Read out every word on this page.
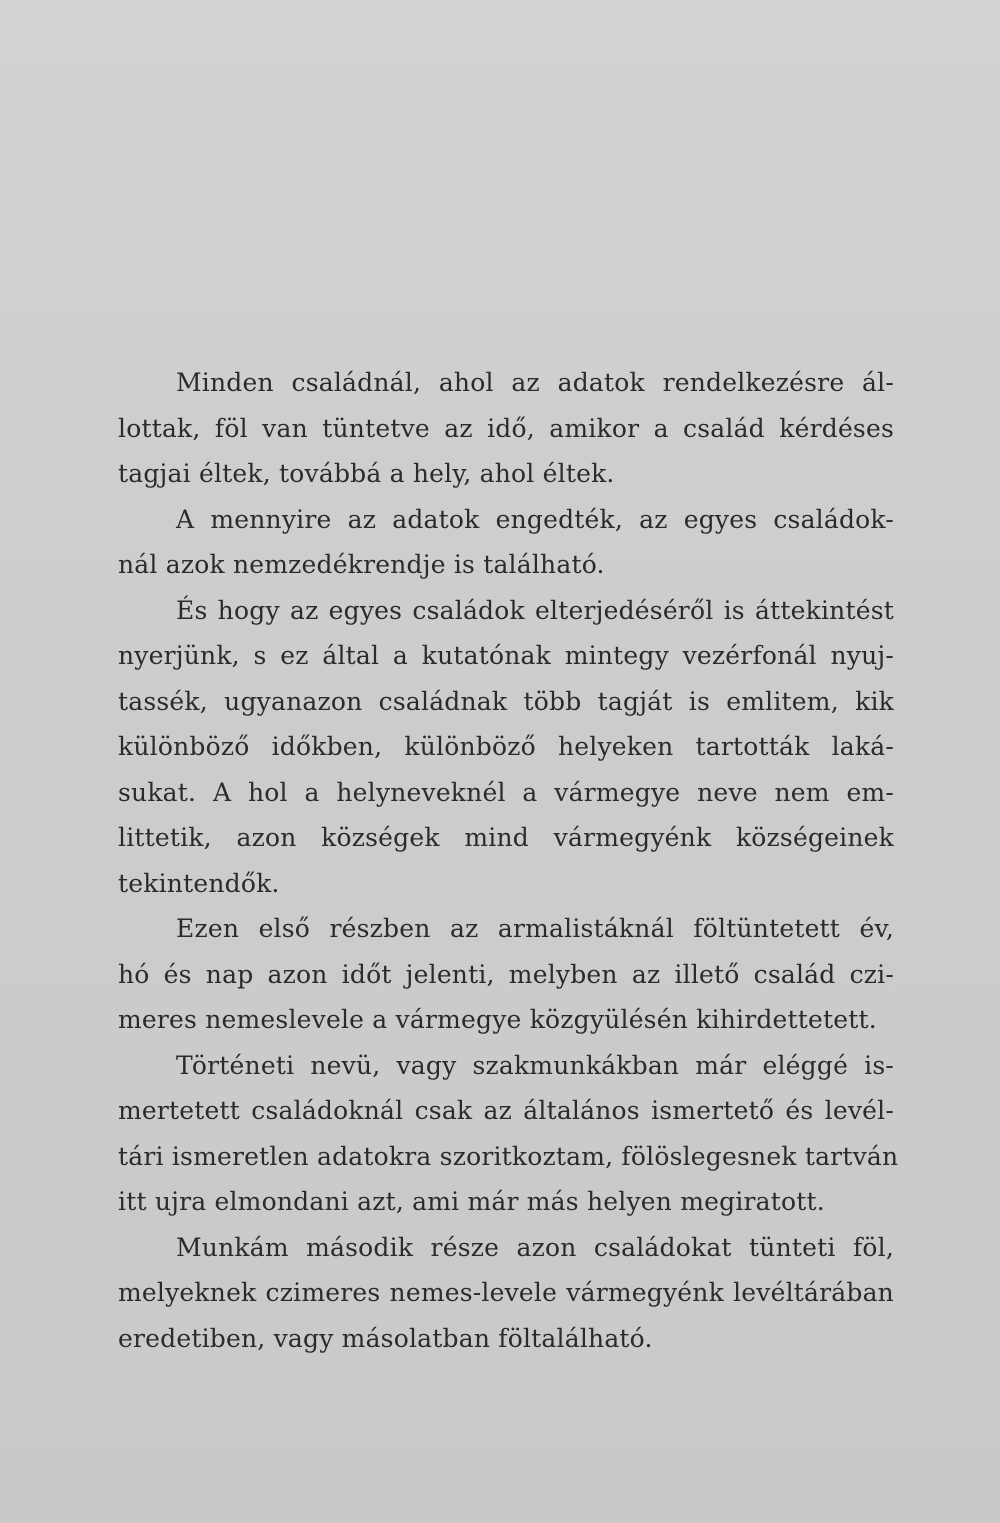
Minden családnál, ahol az adatok rendelkezésre ál-
lottak, föl van tüntetve az idő, amikor a család kérdéses
tagjai éltek, továbbá a hely, ahol éltek.
A mennyire az adatok engedték, az egyes családok-
nál azok nemzedékrendje is található.
És hogy az egyes családok elterjedéséről is áttekintést
nyerjünk, s ez által a kutatónak mintegy vezérfonál nyuj-
tassék, ugyanazon családnak több tagját is emlitem, kik
különböző időkben, különböző helyeken tartották laká-
sukat. A hol a helyneveknél a vármegye neve nem em-
littetik, azon községek mind vármegyénk községeinek
tekintendők.
Ezen első részben az armalistáknál föltüntetett év,
hó és nap azon időt jelenti, melyben az illető család czi-
meres nemeslevele a vármegye közgyülésén kihirdettetett.
Történeti nevü, vagy szakmunkákban már eléggé is-
mertetett családoknál csak az általános ismertető és levél-
tári ismeretlen adatokra szoritkoztam, fölöslegesnek tartván
itt ujra elmondani azt, ami már más helyen megiratott.
Munkám második része azon családokat tünteti föl,
melyeknek czimeres nemes-levele vármegyénk levéltárában
eredetiben, vagy másolatban föltalálható.
